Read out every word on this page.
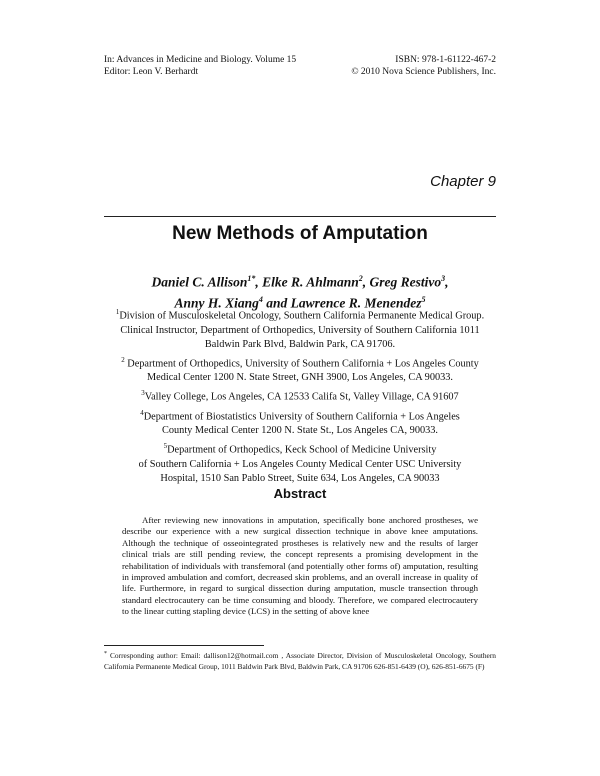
In: Advances in Medicine and Biology. Volume 15
Editor: Leon V. Berhardt
ISBN: 978-1-61122-467-2
© 2010 Nova Science Publishers, Inc.
Chapter 9
New Methods of Amputation
Daniel C. Allison$^{1*}$, Elke R. Ahlmann$^2$, Greg Restivo$^3$,
Anny H. Xiang$^4$ and Lawrence R. Menendez$^5$

$^1$Division of Musculoskeletal Oncology, Southern California Permanente Medical Group.
Clinical Instructor, Department of Orthopedics, University of Southern California 1011
Baldwin Park Blvd, Baldwin Park, CA 91706.

$^2$ Department of Orthopedics, University of Southern California + Los Angeles County
Medical Center 1200 N. State Street, GNH 3900, Los Angeles, CA 90033.

$^3$Valley College, Los Angeles, CA 12533 Califa St, Valley Village, CA 91607

$^4$Department of Biostatistics University of Southern California + Los Angeles
County Medical Center 1200 N. State St., Los Angeles CA, 90033.

$^5$Department of Orthopedics, Keck School of Medicine University
of Southern California + Los Angeles County Medical Center USC University
Hospital, 1510 San Pablo Street, Suite 634, Los Angeles, CA 90033

Abstract

After reviewing new innovations in amputation, specifically bone anchored prostheses, we describe our experience with a new surgical dissection technique in above knee amputations. Although the technique of osseointegrated prostheses is relatively new and the results of larger clinical trials are still pending review, the concept represents a promising development in the rehabilitation of individuals with transfemoral (and potentially other forms of) amputation, resulting in improved ambulation and comfort, decreased skin problems, and an overall increase in quality of life. Furthermore, in regard to surgical dissection during amputation, muscle transection through standard electrocautery can be time consuming and bloody. Therefore, we compared electrocautery to the linear cutting stapling device (LCS) in the setting of above knee

* Corresponding author: Email: dallison12@hotmail.com , Associate Director, Division of Musculoskeletal Oncology, Southern California Permanente Medical Group, 1011 Baldwin Park Blvd, Baldwin Park, CA 91706 626-851-6439 (O), 626-851-6675 (F)
